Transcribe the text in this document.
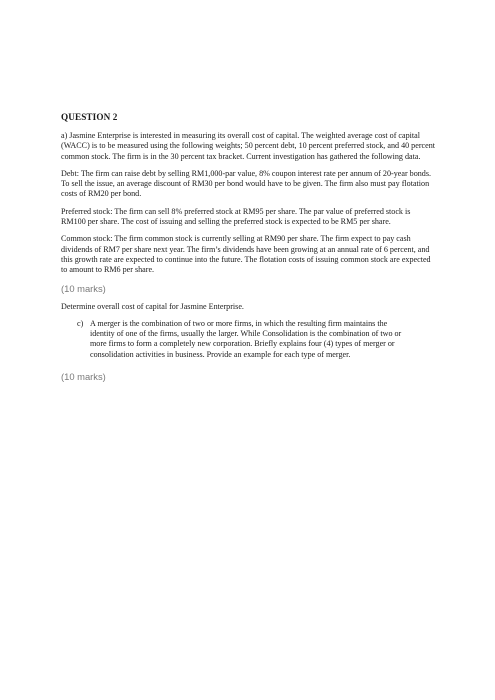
QUESTION 2

a) Jasmine Enterprise is interested in measuring its overall cost of capital. The weighted average cost of capital (WACC) is to be measured using the following weights; 50 percent debt, 10 percent preferred stock, and 40 percent common stock. The firm is in the 30 percent tax bracket. Current investigation has gathered the following data.

Debt: The firm can raise debt by selling RM1,000-par value, 8% coupon interest rate per annum of 20-year bonds. To sell the issue, an average discount of RM30 per bond would have to be given. The firm also must pay flotation costs of RM20 per bond.

Preferred stock: The firm can sell 8% preferred stock at RM95 per share. The par value of preferred stock is RM100 per share. The cost of issuing and selling the preferred stock is expected to be RM5 per share.

Common stock: The firm common stock is currently selling at RM90 per share. The firm expect to pay cash dividends of RM7 per share next year. The firm’s dividends have been growing at an annual rate of 6 percent, and this growth rate are expected to continue into the future. The flotation costs of issuing common stock are expected to amount to RM6 per share.

(10 marks)

Determine overall cost of capital for Jasmine Enterprise.

c) A merger is the combination of two or more firms, in which the resulting firm maintains the identity of one of the firms, usually the larger. While Consolidation is the combination of two or more firms to form a completely new corporation. Briefly explains four (4) types of merger or consolidation activities in business. Provide an example for each type of merger.
(10 marks)
